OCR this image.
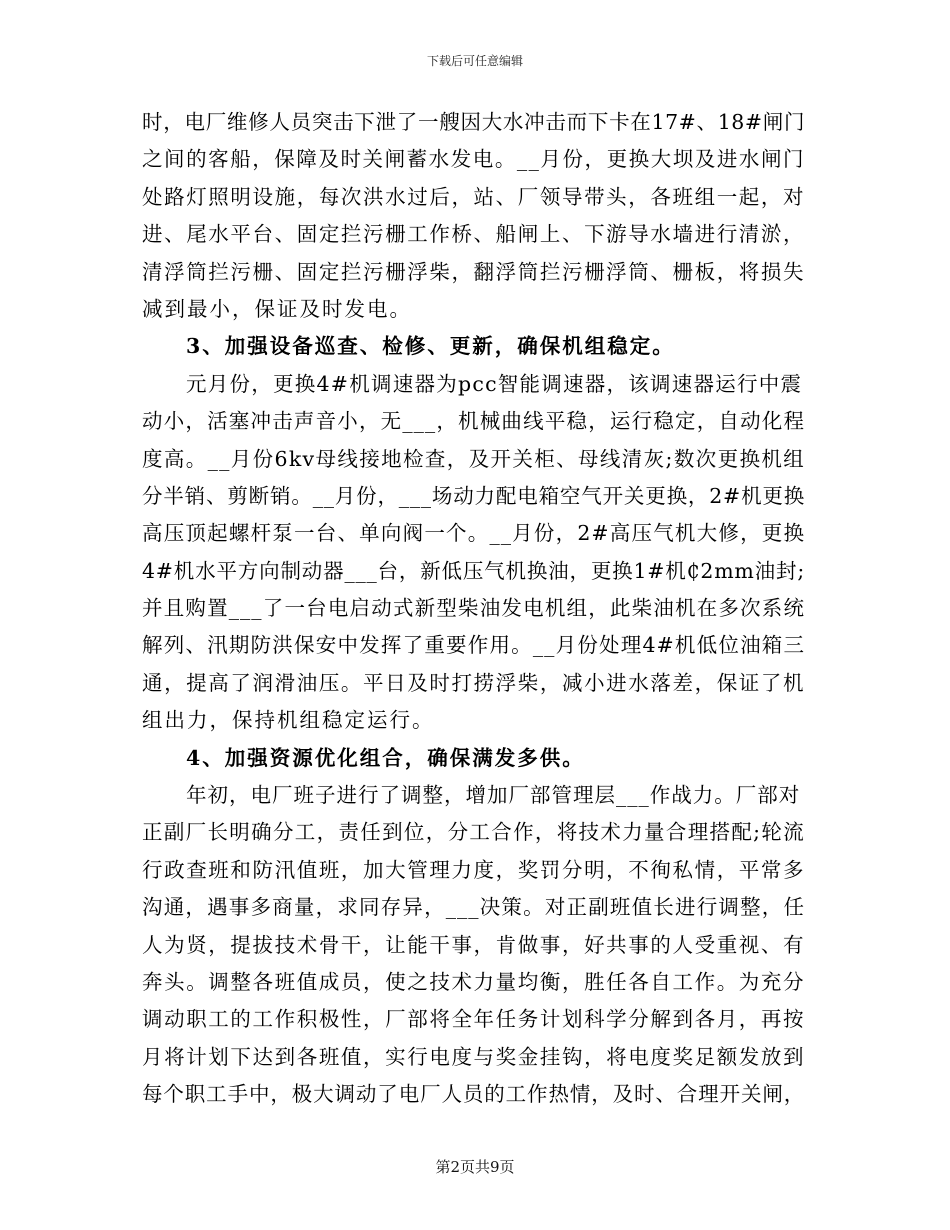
下载后可任意编辑
时，电厂维修人员突击下泄了一艘因大水冲击而下卡在17#、18#闸门
之间的客船，保障及时关闸蓄水发电。__月份，更换大坝及进水闸门
处路灯照明设施，每次洪水过后，站、厂领导带头，各班组一起，对
进、尾水平台、固定拦污栅工作桥、船闸上、下游导水墙进行清淤，
清浮筒拦污栅、固定拦污栅浮柴，翻浮筒拦污栅浮筒、栅板，将损失
减到最小，保证及时发电。
3、加强设备巡查、检修、更新，确保机组稳定。
元月份，更换4#机调速器为pcc智能调速器，该调速器运行中震
动小，活塞冲击声音小，无___，机械曲线平稳，运行稳定，自动化程
度高。__月份6kv母线接地检查，及开关柜、母线清灰;数次更换机组
分半销、剪断销。__月份，___场动力配电箱空气开关更换，2#机更换
高压顶起螺杆泵一台、单向阀一个。__月份，2#高压气机大修，更换
4#机水平方向制动器___台，新低压气机换油，更换1#机₵2mm油封;
并且购置___了一台电启动式新型柴油发电机组，此柴油机在多次系统
解列、汛期防洪保安中发挥了重要作用。__月份处理4#机低位油箱三
通，提高了润滑油压。平日及时打捞浮柴，减小进水落差，保证了机
组出力，保持机组稳定运行。
4、加强资源优化组合，确保满发多供。
年初，电厂班子进行了调整，增加厂部管理层___作战力。厂部对
正副厂长明确分工，责任到位，分工合作，将技术力量合理搭配;轮流
行政查班和防汛值班，加大管理力度，奖罚分明，不徇私情，平常多
沟通，遇事多商量，求同存异，___决策。对正副班值长进行调整，任
人为贤，提拔技术骨干，让能干事，肯做事，好共事的人受重视、有
奔头。调整各班值成员，使之技术力量均衡，胜任各自工作。为充分
调动职工的工作积极性，厂部将全年任务计划科学分解到各月，再按
月将计划下达到各班值，实行电度与奖金挂钩，将电度奖足额发放到
每个职工手中，极大调动了电厂人员的工作热情，及时、合理开关闸，
第2页共9页
